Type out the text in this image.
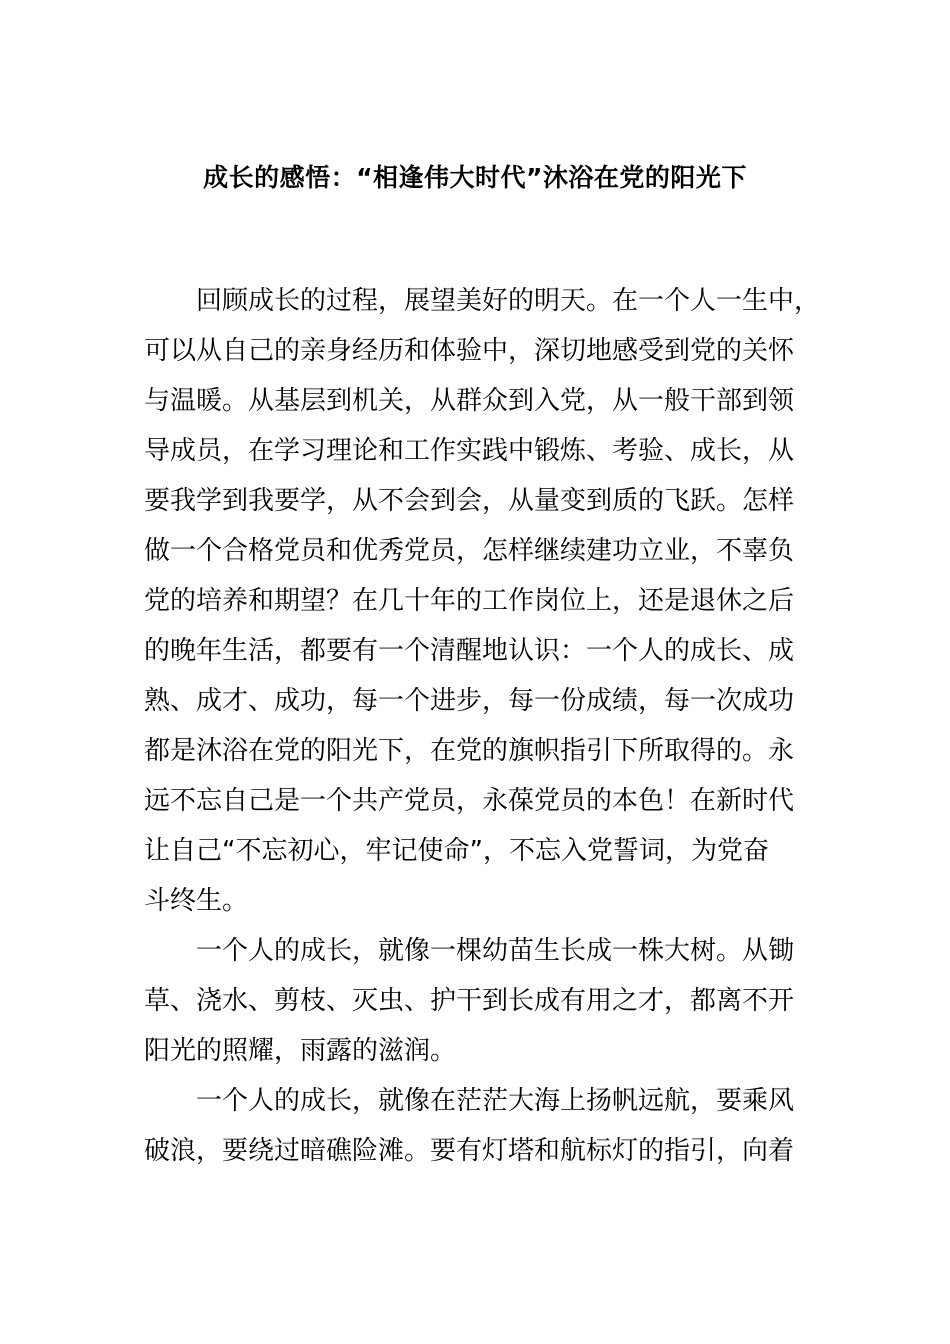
成长的感悟：“相逢伟大时代”沐浴在党的阳光下
回顾成长的过程，展望美好的明天。在一个人一生中，
可以从自己的亲身经历和体验中，深切地感受到党的关怀
与温暖。从基层到机关，从群众到入党，从一般干部到领
导成员，在学习理论和工作实践中锻炼、考验、成长，从
要我学到我要学，从不会到会，从量变到质的飞跃。怎样
做一个合格党员和优秀党员，怎样继续建功立业，不辜负
党的培养和期望？在几十年的工作岗位上，还是退休之后
的晚年生活，都要有一个清醒地认识：一个人的成长、成
熟、成才、成功，每一个进步，每一份成绩，每一次成功
都是沐浴在党的阳光下，在党的旗帜指引下所取得的。永
远不忘自己是一个共产党员，永葆党员的本色！在新时代
让自己“不忘初心，牢记使命”，不忘入党誓词，为党奋
斗终生。
一个人的成长，就像一棵幼苗生长成一株大树。从锄
草、浇水、剪枝、灭虫、护干到长成有用之才，都离不开
阳光的照耀，雨露的滋润。
一个人的成长，就像在茫茫大海上扬帆远航，要乘风
破浪，要绕过暗礁险滩。要有灯塔和航标灯的指引，向着
